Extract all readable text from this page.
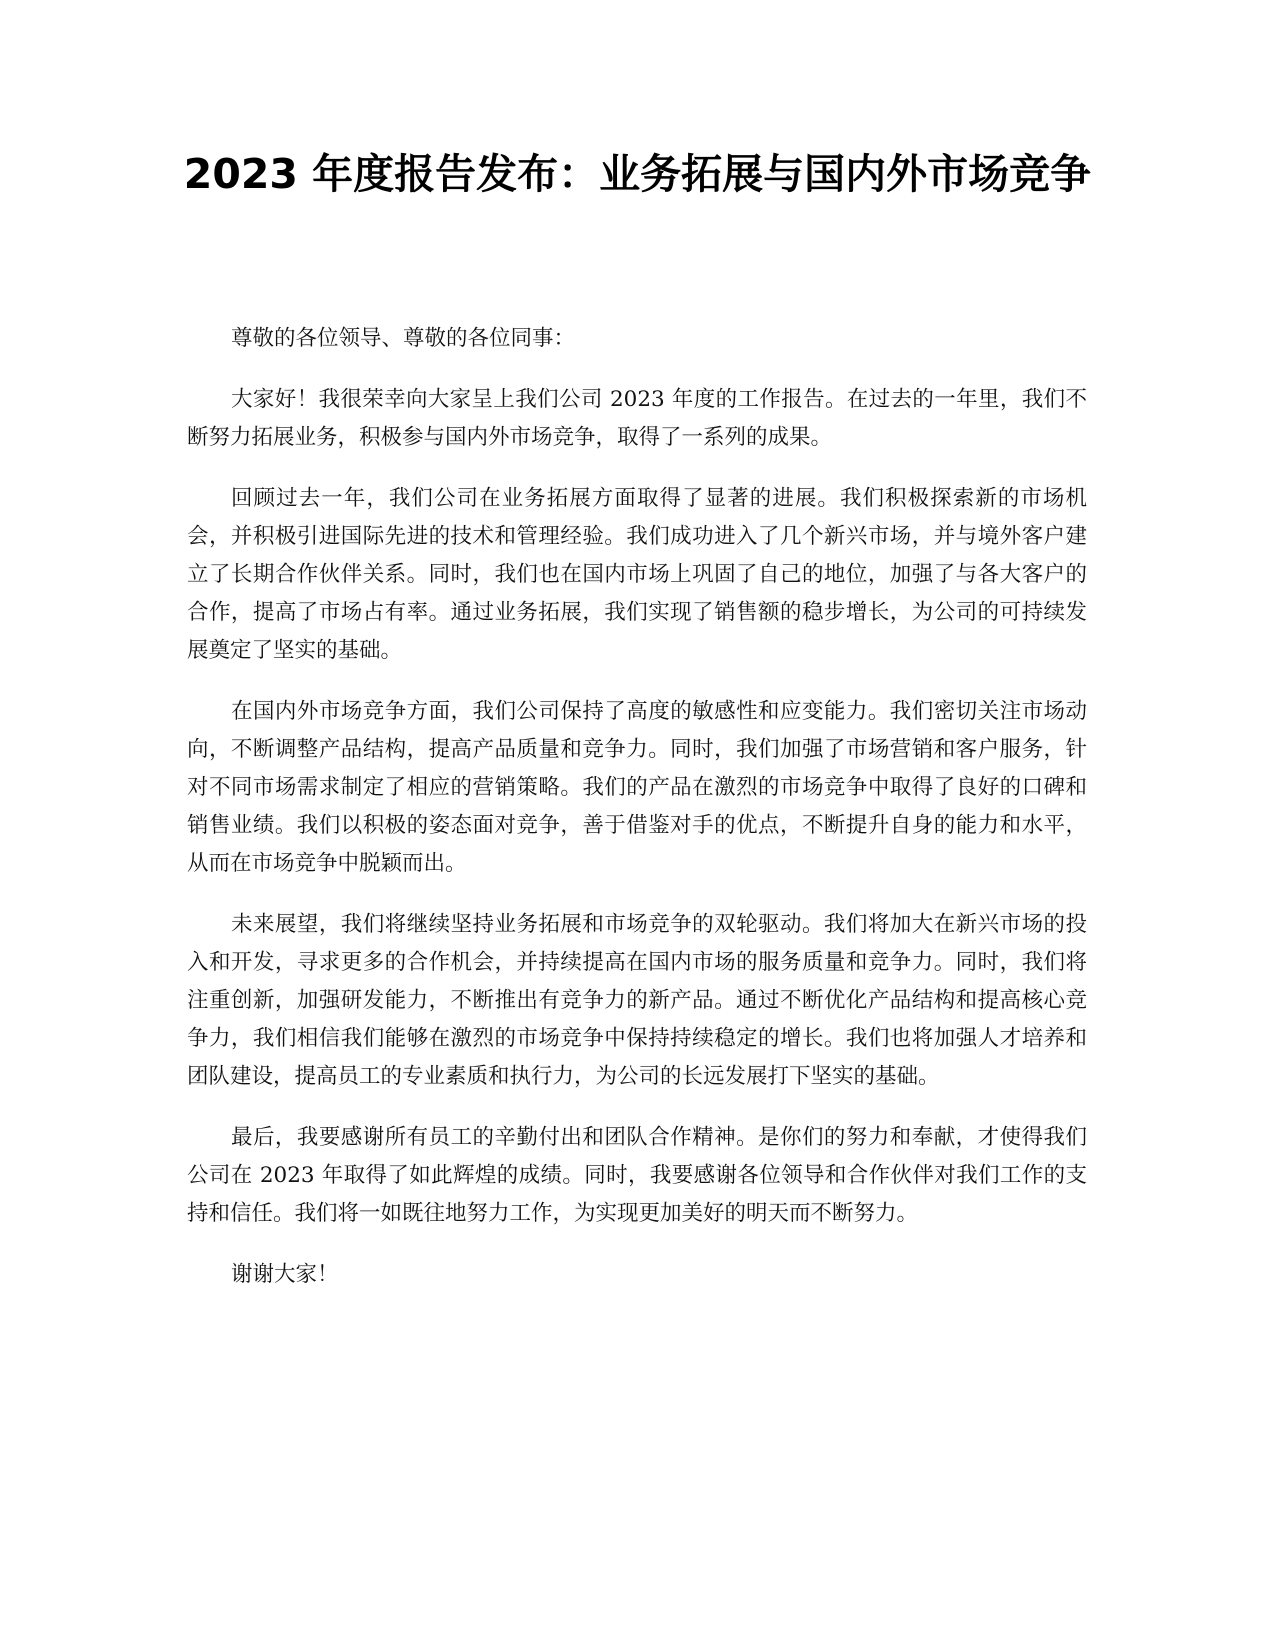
2023 年度报告发布：业务拓展与国内外市场竞争

尊敬的各位领导、尊敬的各位同事：

大家好！我很荣幸向大家呈上我们公司 2023 年度的工作报告。在过去的一年里，我们不断努力拓展业务，积极参与国内外市场竞争，取得了一系列的成果。

回顾过去一年，我们公司在业务拓展方面取得了显著的进展。我们积极探索新的市场机会，并积极引进国际先进的技术和管理经验。我们成功进入了几个新兴市场，并与境外客户建立了长期合作伙伴关系。同时，我们也在国内市场上巩固了自己的地位，加强了与各大客户的合作，提高了市场占有率。通过业务拓展，我们实现了销售额的稳步增长，为公司的可持续发展奠定了坚实的基础。

在国内外市场竞争方面，我们公司保持了高度的敏感性和应变能力。我们密切关注市场动向，不断调整产品结构，提高产品质量和竞争力。同时，我们加强了市场营销和客户服务，针对不同市场需求制定了相应的营销策略。我们的产品在激烈的市场竞争中取得了良好的口碑和销售业绩。我们以积极的姿态面对竞争，善于借鉴对手的优点，不断提升自身的能力和水平，从而在市场竞争中脱颖而出。

未来展望，我们将继续坚持业务拓展和市场竞争的双轮驱动。我们将加大在新兴市场的投入和开发，寻求更多的合作机会，并持续提高在国内市场的服务质量和竞争力。同时，我们将注重创新，加强研发能力，不断推出有竞争力的新产品。通过不断优化产品结构和提高核心竞争力，我们相信我们能够在激烈的市场竞争中保持持续稳定的增长。我们也将加强人才培养和团队建设，提高员工的专业素质和执行力，为公司的长远发展打下坚实的基础。

最后，我要感谢所有员工的辛勤付出和团队合作精神。是你们的努力和奉献，才使得我们公司在 2023 年取得了如此辉煌的成绩。同时，我要感谢各位领导和合作伙伴对我们工作的支持和信任。我们将一如既往地努力工作，为实现更加美好的明天而不断努力。

谢谢大家！
